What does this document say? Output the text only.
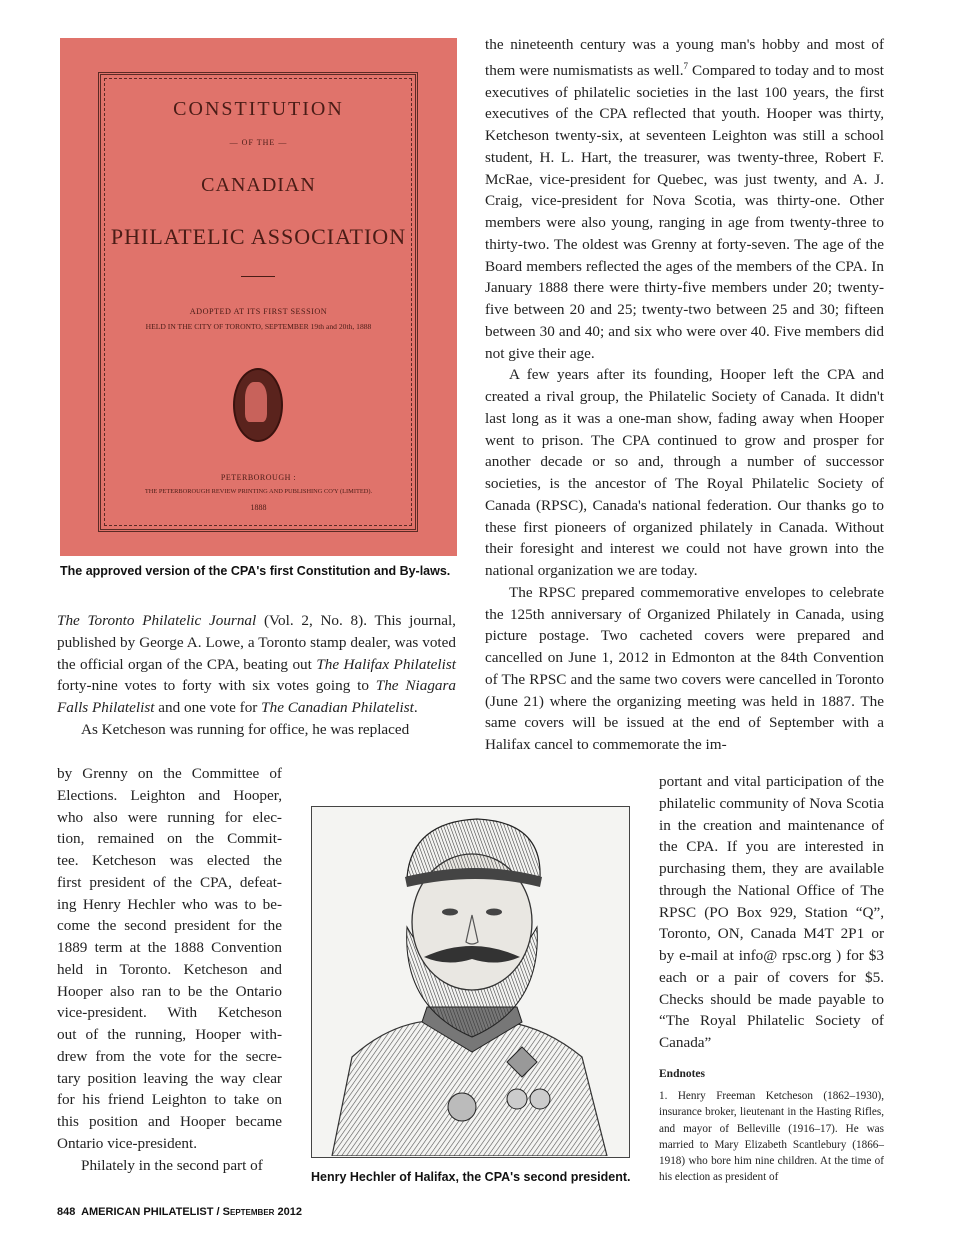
CONSTITUTION
— OF THE —
CANADIAN
PHILATELIC ASSOCIATION
ADOPTED AT ITS FIRST SESSION
HELD IN THE CITY OF TORONTO, SEPTEMBER 19th and 20th, 1888
PETERBOROUGH :
THE PETERBOROUGH REVIEW PRINTING AND PUBLISHING CO'Y (LIMITED).
1888
The approved version of the CPA's first Constitution and By-laws.

The Toronto Philatelic Journal (Vol. 2, No. 8). This journal, published by George A. Lowe, a Toronto stamp dealer, was voted the official organ of the CPA, beating out The Halifax Philatelist forty-nine votes to forty with six votes going to The Niagara Falls Philatelist and one vote for The Canadian Philatelist.

As Ketcheson was running for office, he was replaced

by Grenny on the Committee of
Elections. Leighton and Hooper,
who also were running for elec-
tion, remained on the Commit-
tee. Ketcheson was elected the
first president of the CPA, defeat-
ing Henry Hechler who was to be-
come the second president for the
1889 term at the 1888 Convention
held in Toronto. Ketcheson and
Hooper also ran to be the Ontario
vice-president. With Ketcheson
out of the running, Hooper with-
drew from the vote for the secre-
tary position leaving the way clear
for his friend Leighton to take on
this position and Hooper became
Ontario vice-president.

Philately in the second part of

Henry Hechler of Halifax, the CPA's second president.

the nineteenth century was a young man's hobby and most of them were numismatists as well.$^7$ Compared to today and to most executives of philatelic societies in the last 100 years, the first executives of the CPA reflected that youth. Hooper was thirty, Ketcheson twenty-six, at seventeen Leighton was still a school student, H. L. Hart, the treasurer, was twenty-three, Robert F. McRae, vice-president for Quebec, was just twenty, and A. J. Craig, vice-president for Nova Scotia, was thirty-one. Other members were also young, ranging in age from twenty-three to thirty-two. The oldest was Grenny at forty-seven. The age of the Board members reflected the ages of the members of the CPA. In January 1888 there were thirty-five members under 20; twenty-five between 20 and 25; twenty-two between 25 and 30; fifteen between 30 and 40; and six who were over 40. Five members did not give their age.

A few years after its founding, Hooper left the CPA and created a rival group, the Philatelic Society of Canada. It didn't last long as it was a one-man show, fading away when Hooper went to prison. The CPA continued to grow and prosper for another decade or so and, through a number of successor societies, is the ancestor of The Royal Philatelic Society of Canada (RPSC), Canada's national federation. Our thanks go to these first pioneers of organized philately in Canada. Without their foresight and interest we could not have grown into the national organization we are today.

The RPSC prepared commemorative envelopes to celebrate the 125th anniversary of Organized Philately in Canada, using picture postage. Two cacheted covers were prepared and cancelled on June 1, 2012 in Edmonton at the 84th Convention of The RPSC and the same two covers were cancelled in Toronto (June 21) where the organizing meeting was held in 1887. The same covers will be issued at the end of September with a Halifax cancel to commemorate the im-

portant and vital participation of the philatelic community of Nova Scotia in the creation and maintenance of the CPA. If you are interested in purchasing them, they are available through the National Office of The RPSC (PO Box 929, Station “Q”, Toronto, ON, Canada M4T 2P1 or by e-mail at info@ rpsc.org ) for $3 each or a pair of covers for $5. Checks should be made payable to “The Royal Philatelic Society of Canada”

Endnotes
1. Henry Freeman Ketcheson (1862–1930), insurance broker, lieutenant in the Hasting Rifles, and mayor of Belleville (1916–17). He was married to Mary Elizabeth Scantlebury (1866–1918) who bore him nine children. At the time of his election as president of
848 AMERICAN PHILATELIST / September 2012
